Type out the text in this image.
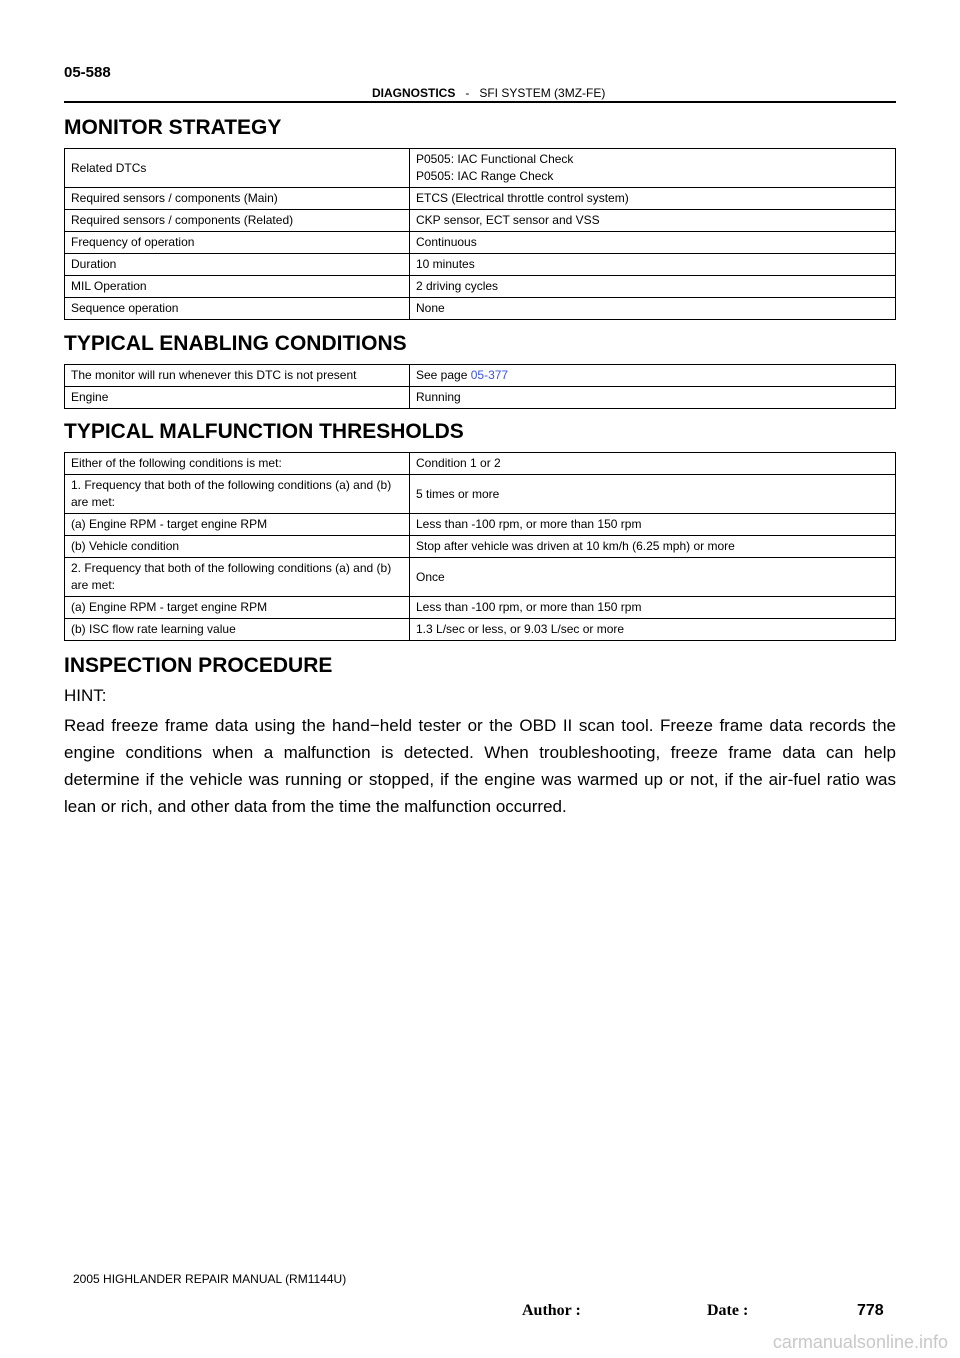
05-588
DIAGNOSTICS - SFI SYSTEM (3MZ-FE)
MONITOR STRATEGY
Related DTCs	P0505: IAC Functional Check
P0505: IAC Range Check

Required sensors / components (Main)	ETCS (Electrical throttle control system)
Required sensors / components (Related)	CKP sensor, ECT sensor and VSS
Frequency of operation	Continuous
Duration	10 minutes
MIL Operation	2 driving cycles
Sequence operation	None
TYPICAL ENABLING CONDITIONS
The monitor will run whenever this DTC is not present	See page 05-377
Engine	Running
TYPICAL MALFUNCTION THRESHOLDS
Either of the following conditions is met:	Condition 1 or 2
1. Frequency that both of the following conditions (a) and (b) are met:	5 times or more
(a) Engine RPM - target engine RPM	Less than -100 rpm, or more than 150 rpm
(b) Vehicle condition	Stop after vehicle was driven at 10 km/h (6.25 mph) or more
2. Frequency that both of the following conditions (a) and (b) are met:	Once
(a) Engine RPM - target engine RPM	Less than -100 rpm, or more than 150 rpm
(b) ISC flow rate learning value	1.3 L/sec or less, or 9.03 L/sec or more
INSPECTION PROCEDURE
HINT:

Read freeze frame data using the hand−held tester or the OBD II scan tool. Freeze frame data records the engine conditions when a malfunction is detected. When troubleshooting, freeze frame data can help determine if the vehicle was running or stopped, if the engine was warmed up or not, if the air-fuel ratio was lean or rich, and other data from the time the malfunction occurred.

2005 HIGHLANDER REPAIR MANUAL (RM1144U)
Author :	Date :	778
carmanualsonline.info
